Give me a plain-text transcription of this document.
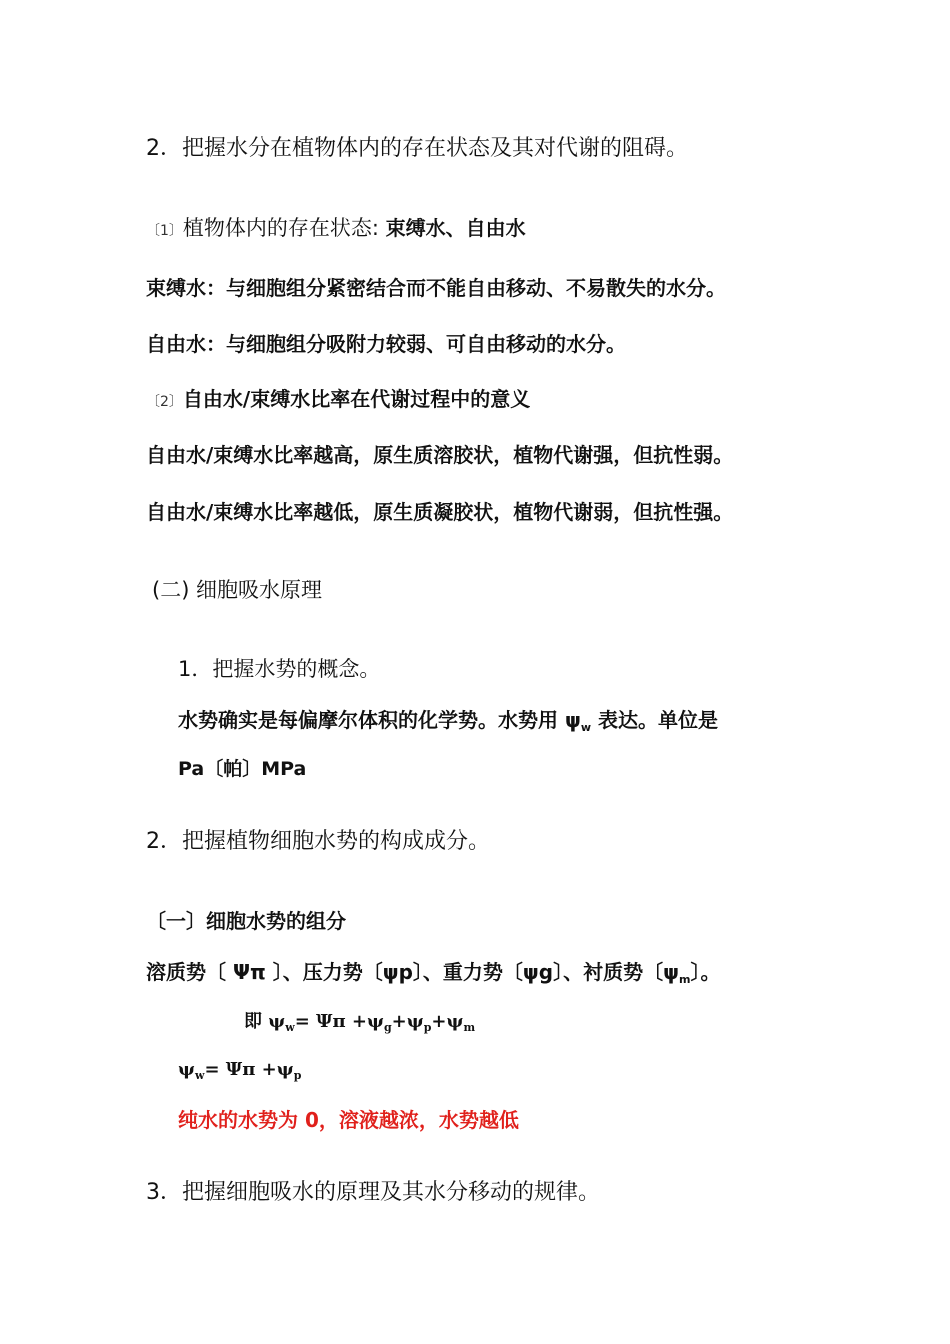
2．把握水分在植物体内的存在状态及其对代谢的阻碍。
〔1〕植物体内的存在状态: 束缚水、自由水
束缚水：与细胞组分紧密结合而不能自由移动、不易散失的水分。
自由水：与细胞组分吸附力较弱、可自由移动的水分。
〔2〕自由水/束缚水比率在代谢过程中的意义
自由水/束缚水比率越高，原生质溶胶状，植物代谢强，但抗性弱。
自由水/束缚水比率越低，原生质凝胶状，植物代谢弱，但抗性强。
(二) 细胞吸水原理
1．把握水势的概念。
水势确实是每偏摩尔体积的化学势。水势用 $\psi_w$ 表达。单位是
Pa〔帕〕MPa
2．把握植物细胞水势的构成成分。
〔一〕细胞水势的组分
溶质势〔 Ψπ 〕、压力势〔ψp〕、重力势〔ψg〕、衬质势〔$\psi_m$〕。
即 $\psi_w= \Psi\pi +\psi_g+\psi_p+\psi_m$
$\psi_w= \Psi\pi +\psi_p$
纯水的水势为 0，溶液越浓，水势越低
3．把握细胞吸水的原理及其水分移动的规律。
